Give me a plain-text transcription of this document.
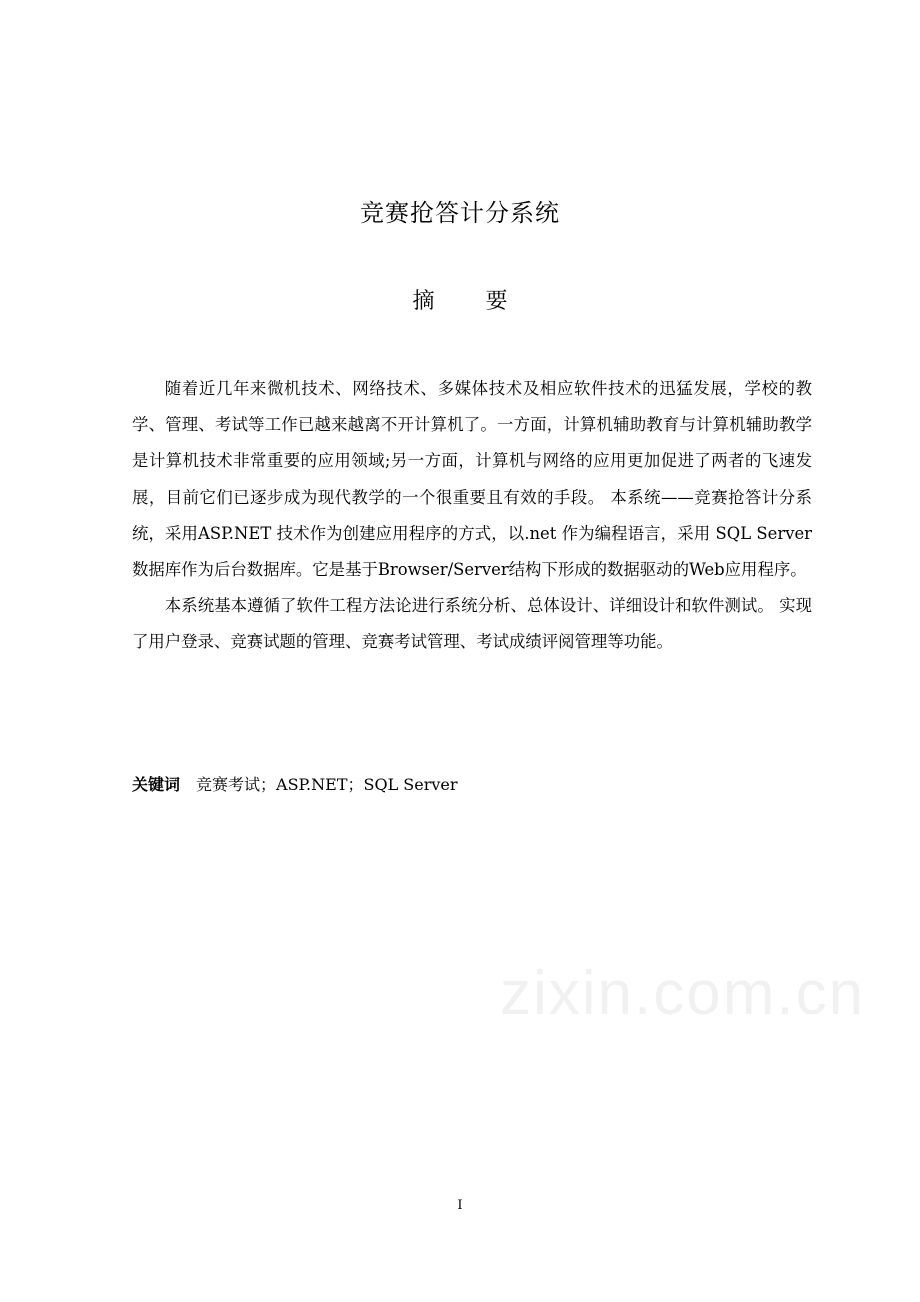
竞赛抢答计分系统
摘 要

随着近几年来微机技术、网络技术、多媒体技术及相应软件技术的迅猛发展，学校的教学、管理、考试等工作已越来越离不开计算机了。一方面，计算机辅助教育与计算机辅助教学是计算机技术非常重要的应用领域;另一方面，计算机与网络的应用更加促进了两者的飞速发展，目前它们已逐步成为现代教学的一个很重要且有效的手段。 本系统——竞赛抢答计分系统，采用ASP.NET 技术作为创建应用程序的方式，以.net 作为编程语言，采用 SQL Server 数据库作为后台数据库。它是基于Browser/Server结构下形成的数据驱动的Web应用程序。

本系统基本遵循了软件工程方法论进行系统分析、总体设计、详细设计和软件测试。 实现了用户登录、竞赛试题的管理、竞赛考试管理、考试成绩评阅管理等功能。

关键词 竞赛考试；ASP.NET；SQL Server
zixin.com.cn
I
